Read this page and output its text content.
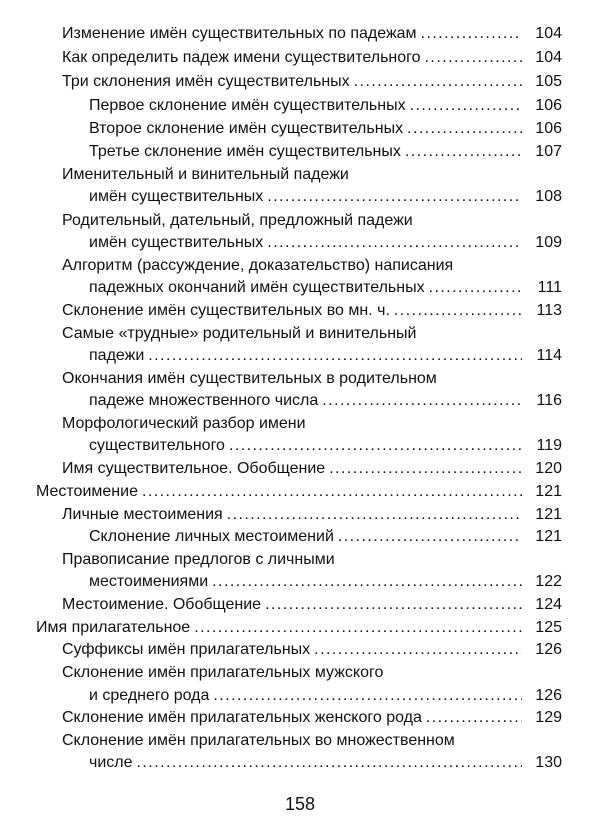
Изменение имён существительных по падежам . . .	104
Как определить падеж имени существительного . . .	104
Три склонения имён существительных . . .	105
Первое склонение имён существительных . . .	106
Второе склонение имён существительных . . .	106
Третье склонение имён существительных . . .	107
Именительный и винительный падежи
имён существительных . . .	108
Родительный, дательный, предложный падежи
имён существительных . . .	109
Алгоритм (рассуждение, доказательство) написания
падежных окончаний имён существительных . . .	111
Склонение имён существительных во мн. ч. . . .	113
Самые «трудные» родительный и винительный
падежи . . .	114
Окончания имён существительных в родительном
падеже множественного числа . . .	116
Морфологический разбор имени
существительного . . .	119
Имя существительное. Обобщение . . .	120
Местоимение . . .	121
Личные местоимения . . .	121
Склонение личных местоимений . . .	121
Правописание предлогов с личными
местоимениями . . .	122
Местоимение. Обобщение . . .	124
Имя прилагательное . . .	125
Суффиксы имён прилагательных . . .	126
Склонение имён прилагательных мужского
и среднего рода . . .	126
Склонение имён прилагательных женского рода . . .	129
Склонение имён прилагательных во множественном
числе . . .	130
158
